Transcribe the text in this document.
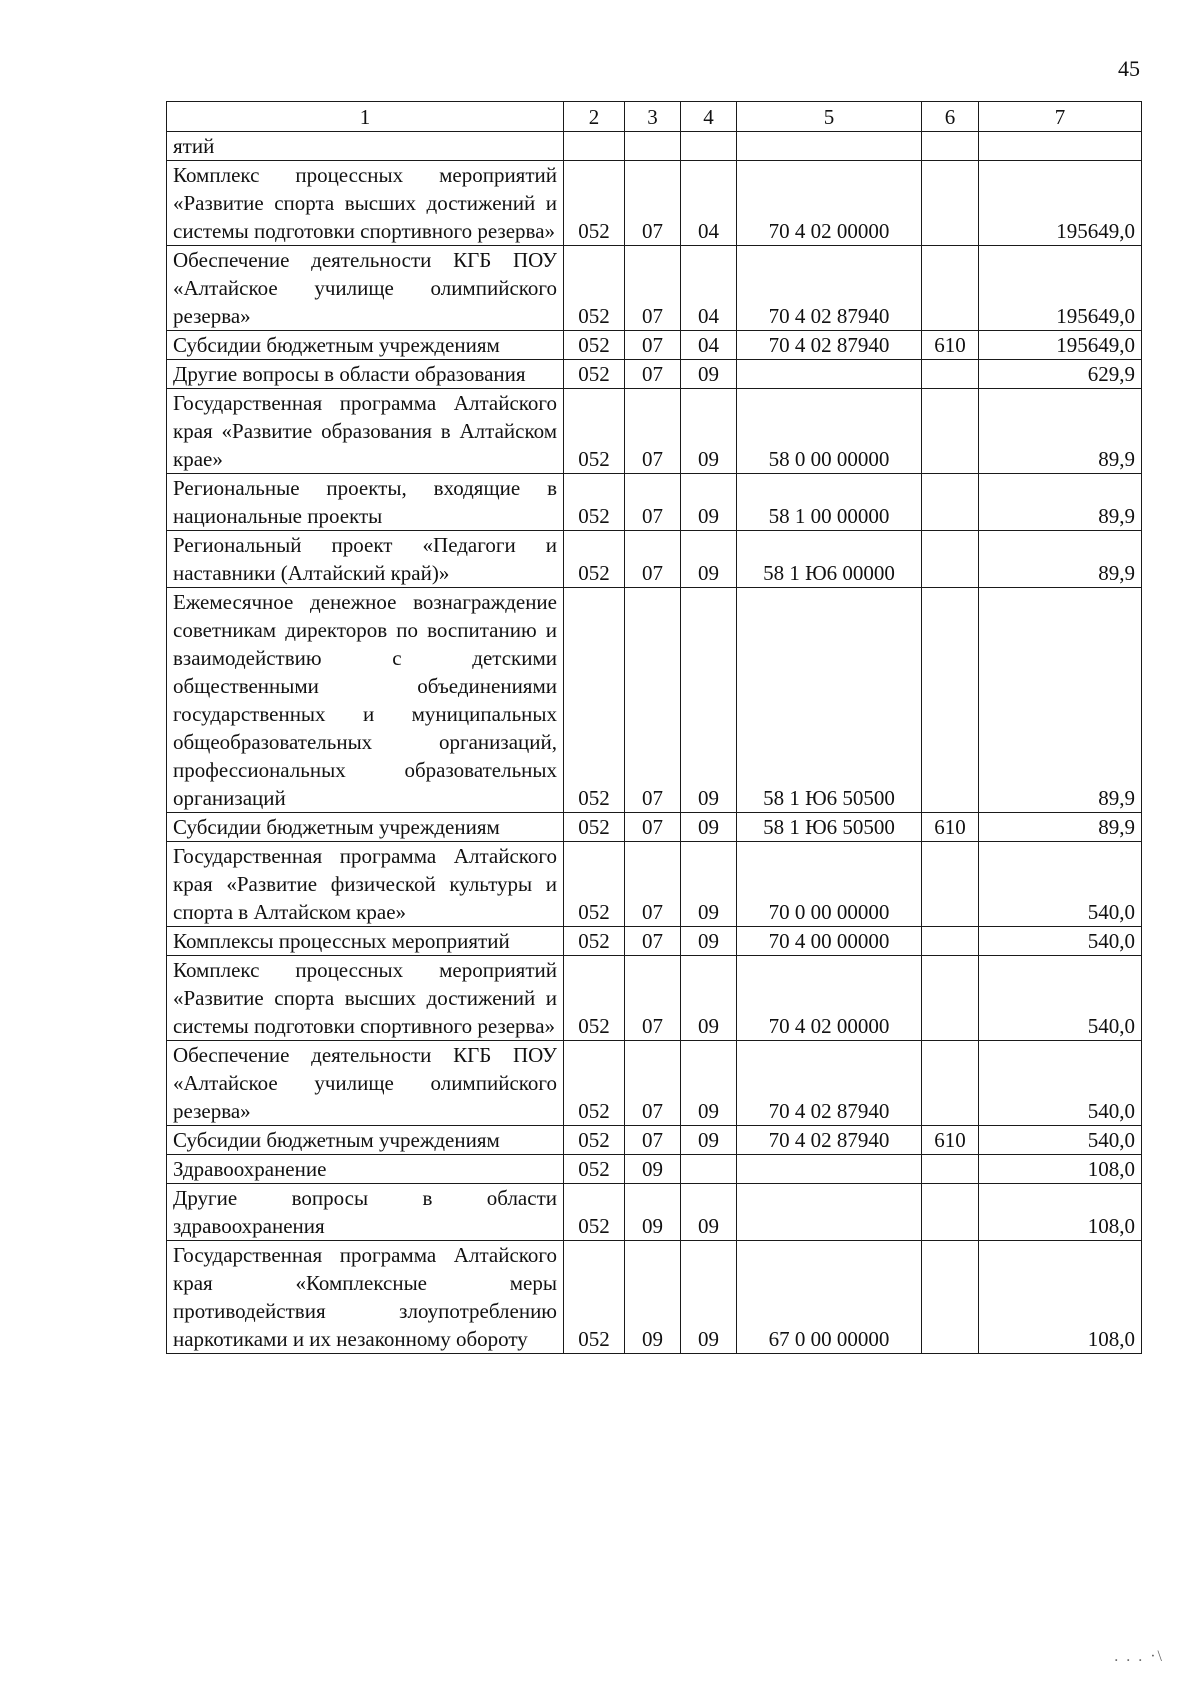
45
1	2	3	4	5	6	7
ятий						
Комплекс процессных мероприятий «Развитие спорта высших достижений и системы подготовки спортивного резерва»	052	07	04	70 4 02 00000		195649,0
Обеспечение деятельности КГБ ПОУ «Алтайское училище олимпийского резерва»	052	07	04	70 4 02 87940		195649,0
Субсидии бюджетным учреждениям	052	07	04	70 4 02 87940	610	195649,0
Другие вопросы в области образования	052	07	09			629,9
Государственная программа Алтайского края «Развитие образования в Алтайском крае»	052	07	09	58 0 00 00000		89,9
Региональные проекты, входящие в национальные проекты	052	07	09	58 1 00 00000		89,9
Региональный проект «Педагоги и наставники (Алтайский край)»	052	07	09	58 1 Ю6 00000		89,9
Ежемесячное денежное вознаграждение советникам директоров по воспитанию и взаимодействию с детскими общественными объединениями государственных и муниципальных общеобразовательных организаций, профессиональных образовательных организаций	052	07	09	58 1 Ю6 50500		89,9
Субсидии бюджетным учреждениям	052	07	09	58 1 Ю6 50500	610	89,9
Государственная программа Алтайского края «Развитие физической культуры и спорта в Алтайском крае»	052	07	09	70 0 00 00000		540,0
Комплексы процессных мероприятий	052	07	09	70 4 00 00000		540,0
Комплекс процессных мероприятий «Развитие спорта высших достижений и системы подготовки спортивного резерва»	052	07	09	70 4 02 00000		540,0
Обеспечение деятельности КГБ ПОУ «Алтайское училище олимпийского резерва»	052	07	09	70 4 02 87940		540,0
Субсидии бюджетным учреждениям	052	07	09	70 4 02 87940	610	540,0
Здравоохранение	052	09				108,0
Другие вопросы в области здравоохранения	052	09	09			108,0
Государственная программа Алтайского края «Комплексные меры противодействия злоупотреблению наркотиками и их незаконному обороту	052	09	09	67 0 00 00000		108,0
. . . ·\
